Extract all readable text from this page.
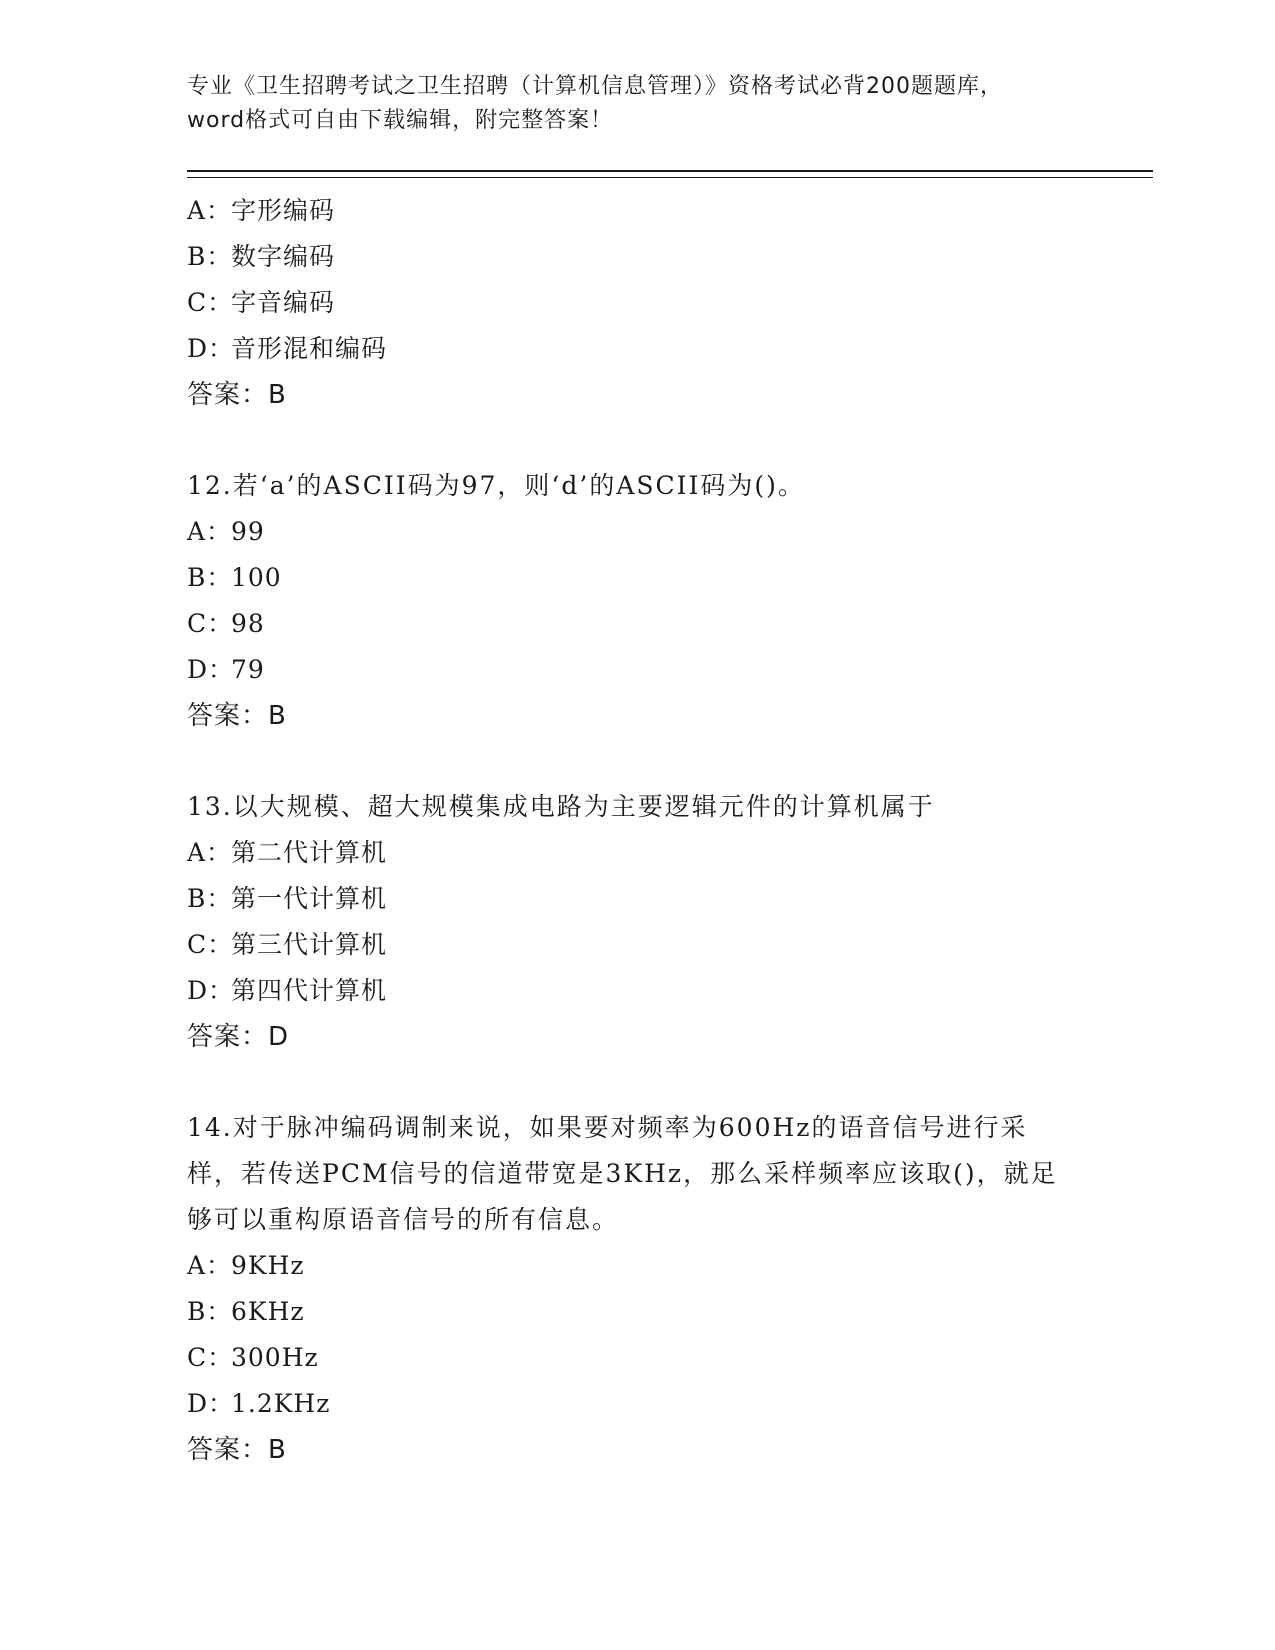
专业《卫生招聘考试之卫生招聘（计算机信息管理）》资格考试必背200题题库，
word格式可自由下载编辑，附完整答案！

A：字形编码

B：数字编码

C：字音编码

D：音形混和编码

答案：B

12.若‘a’的ASCII码为97，则‘d’的ASCII码为()。

A：99

B：100

C：98

D：79

答案：B

13.以大规模、超大规模集成电路为主要逻辑元件的计算机属于

A：第二代计算机

B：第一代计算机

C：第三代计算机

D：第四代计算机

答案：D

14.对于脉冲编码调制来说，如果要对频率为600Hz的语音信号进行采样，若传送PCM信号的信道带宽是3KHz，那么采样频率应该取()，就足够可以重构原语音信号的所有信息。

A：9KHz

B：6KHz

C：300Hz

D：1.2KHz

答案：B
